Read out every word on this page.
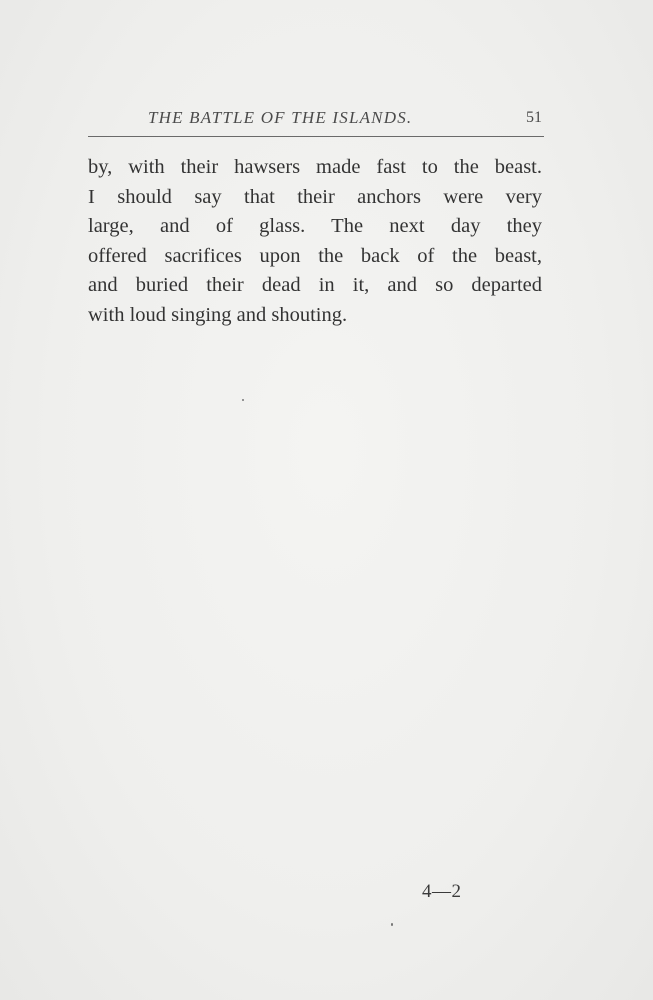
THE BATTLE OF THE ISLANDS.	51
by, with their hawsers made fast to the beast.
I should say that their anchors were very
large, and of glass. The next day they
offered sacrifices upon the back of the beast,
and buried their dead in it, and so departed
with loud singing and shouting.
4—2
